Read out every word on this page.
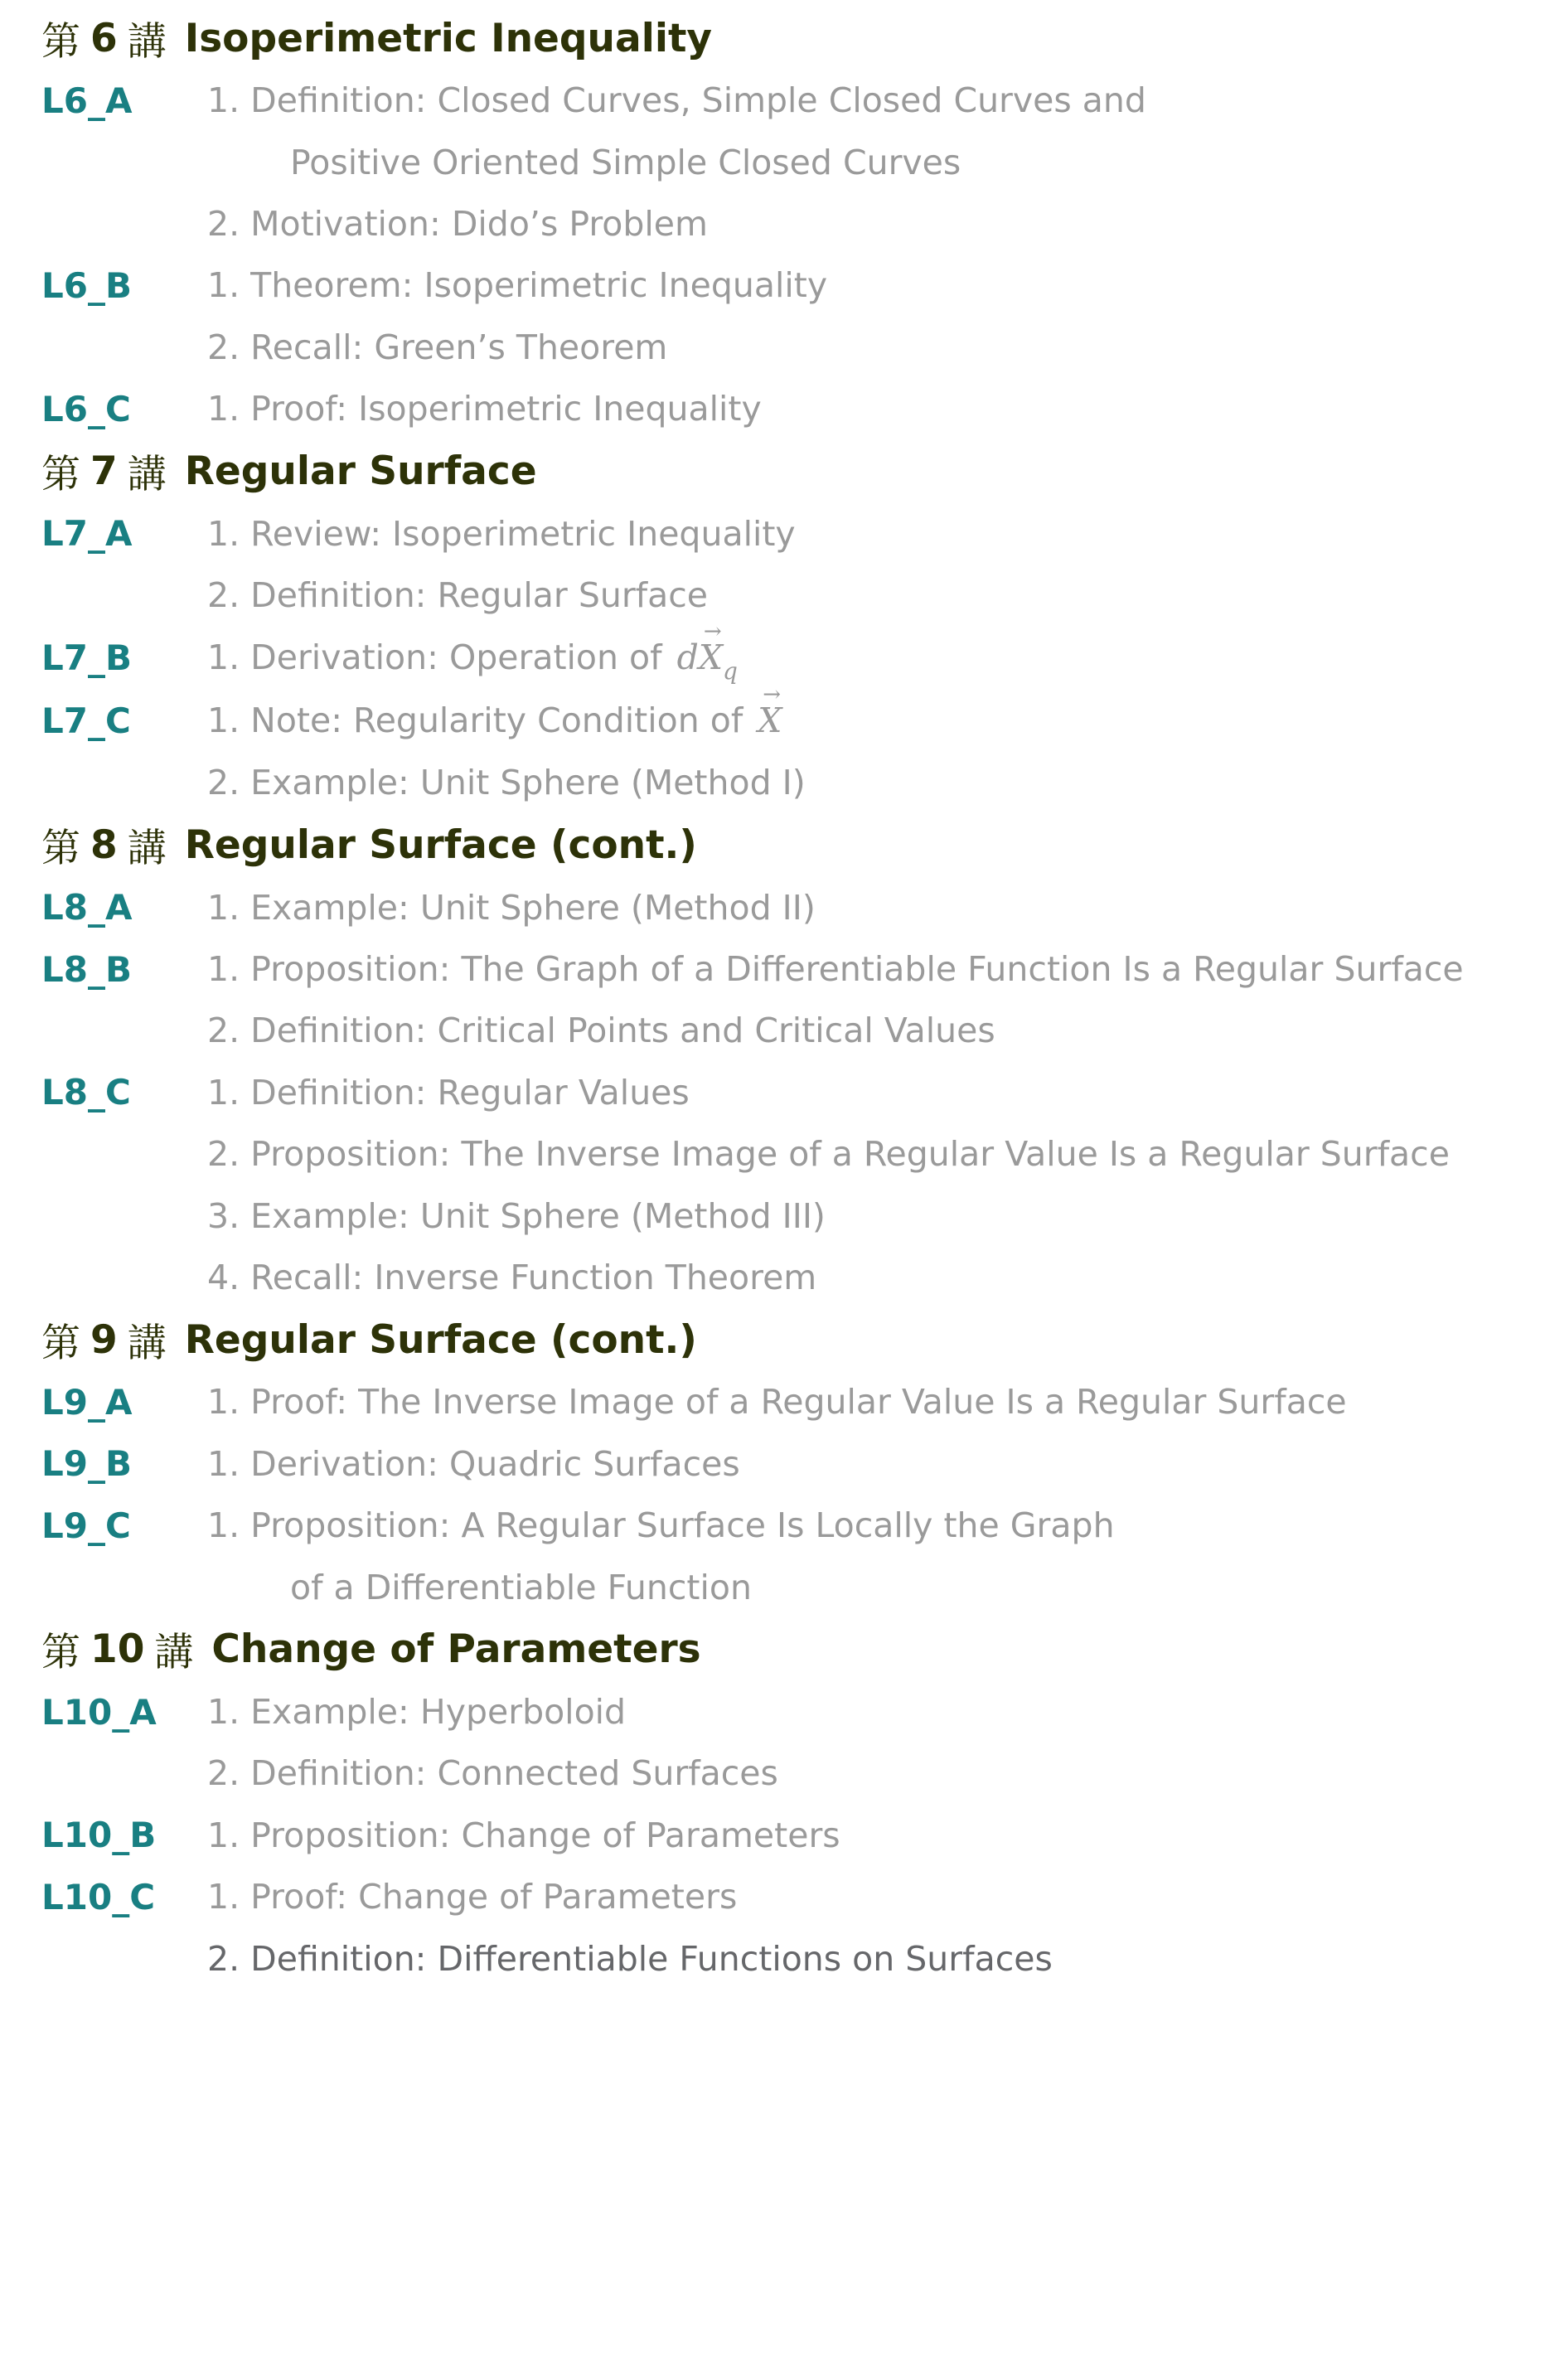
第 6 講 Isoperimetric Inequality
L6_A	1. Definition: Closed Curves, Simple Closed Curves and
Positive Oriented Simple Closed Curves
2. Motivation: Dido’s Problem
L6_B	1. Theorem: Isoperimetric Inequality
2. Recall: Green’s Theorem
L6_C	1. Proof: Isoperimetric Inequality
第 7 講 Regular Surface
L7_A	1. Review: Isoperimetric Inequality
2. Definition: Regular Surface
L7_B	1. Derivation: Operation of $d\to X_q$
L7_C	1. Note: Regularity Condition of→ X
2. Example: Unit Sphere (Method I)
第 8 講 Regular Surface (cont.)
L8_A	1. Example: Unit Sphere (Method II)
L8_B	1. Proposition: The Graph of a Differentiable Function Is a Regular Surface
2. Definition: Critical Points and Critical Values
L8_C	1. Definition: Regular Values
2. Proposition: The Inverse Image of a Regular Value Is a Regular Surface
3. Example: Unit Sphere (Method III)
4. Recall: Inverse Function Theorem
第 9 講 Regular Surface (cont.)
L9_A	1. Proof: The Inverse Image of a Regular Value Is a Regular Surface
L9_B	1. Derivation: Quadric Surfaces
L9_C	1. Proposition: A Regular Surface Is Locally the Graph
of a Differentiable Function
第 10 講 Change of Parameters
L10_A	1. Example: Hyperboloid
2. Definition: Connected Surfaces
L10_B	1. Proposition: Change of Parameters
L10_C	1. Proof: Change of Parameters
2. Definition: Differentiable Functions on Surfaces
